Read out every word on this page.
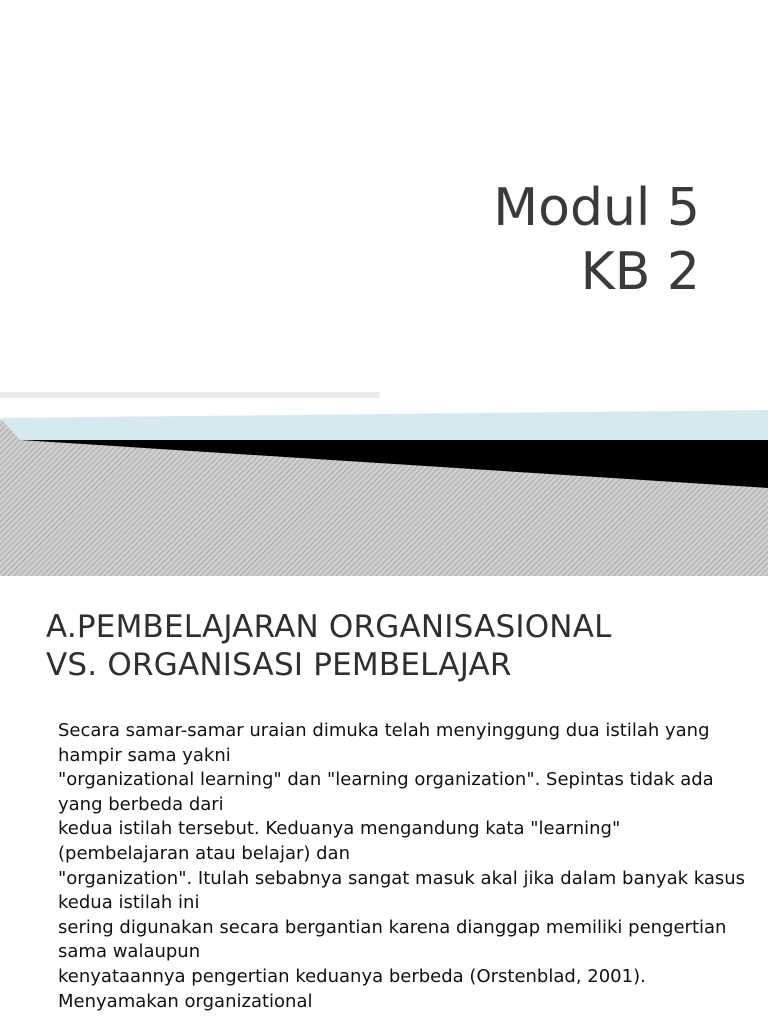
Modul 5
KB 2
A.PEMBELAJARAN ORGANISASIONAL
VS. ORGANISASI PEMBELAJAR

Secara samar-samar uraian dimuka telah menyinggung dua istilah yang hampir sama yakni

"organizational learning" dan "learning organization". Sepintas tidak ada yang berbeda dari

kedua istilah tersebut. Keduanya mengandung kata "learning" (pembelajaran atau belajar) dan

"organization". Itulah sebabnya sangat masuk akal jika dalam banyak kasus kedua istilah ini

sering digunakan secara bergantian karena dianggap memiliki pengertian sama walaupun

kenyataannya pengertian keduanya berbeda (Orstenblad, 2001). Menyamakan organizational
